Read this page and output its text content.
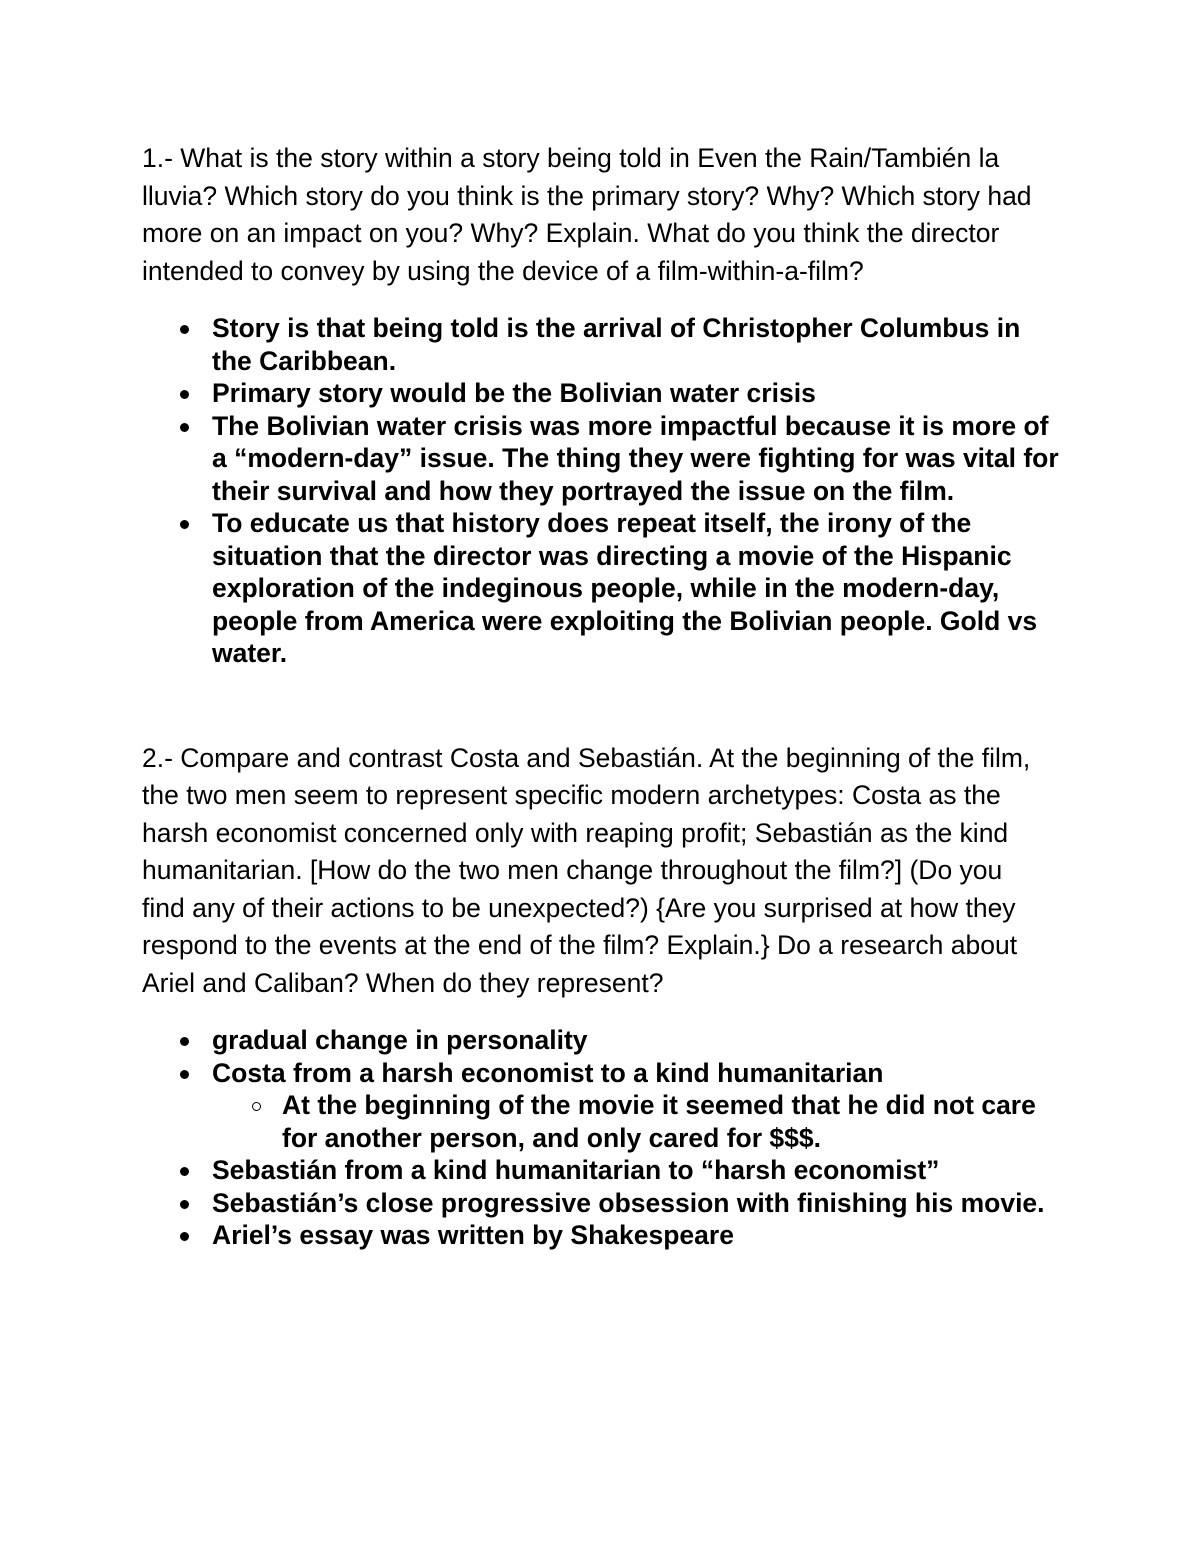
1.- What is the story within a story being told in Even the Rain/También la lluvia? Which story do you think is the primary story? Why? Which story had more on an impact on you? Why? Explain. What do you think the director intended to convey by using the device of a film-within-a-film?

Story is that being told is the arrival of Christopher Columbus in the Caribbean.
Primary story would be the Bolivian water crisis
The Bolivian water crisis was more impactful because it is more of a “modern-day” issue. The thing they were fighting for was vital for their survival and how they portrayed the issue on the film.
To educate us that history does repeat itself, the irony of the situation that the director was directing a movie of the Hispanic exploration of the indeginous people, while in the modern-day, people from America were exploiting the Bolivian people. Gold vs water.

2.- Compare and contrast Costa and Sebastián. At the beginning of the film, the two men seem to represent specific modern archetypes: Costa as the harsh economist concerned only with reaping profit; Sebastián as the kind humanitarian. [How do the two men change throughout the film?] (Do you find any of their actions to be unexpected?) {Are you surprised at how they respond to the events at the end of the film? Explain.} Do a research about Ariel and Caliban? When do they represent?

gradual change in personality
Costa from a harsh economist to a kind humanitarian
At the beginning of the movie it seemed that he did not care for another person, and only cared for $$$.
Sebastián from a kind humanitarian to “harsh economist”
Sebastián’s close progressive obsession with finishing his movie.
Ariel’s essay was written by Shakespeare
